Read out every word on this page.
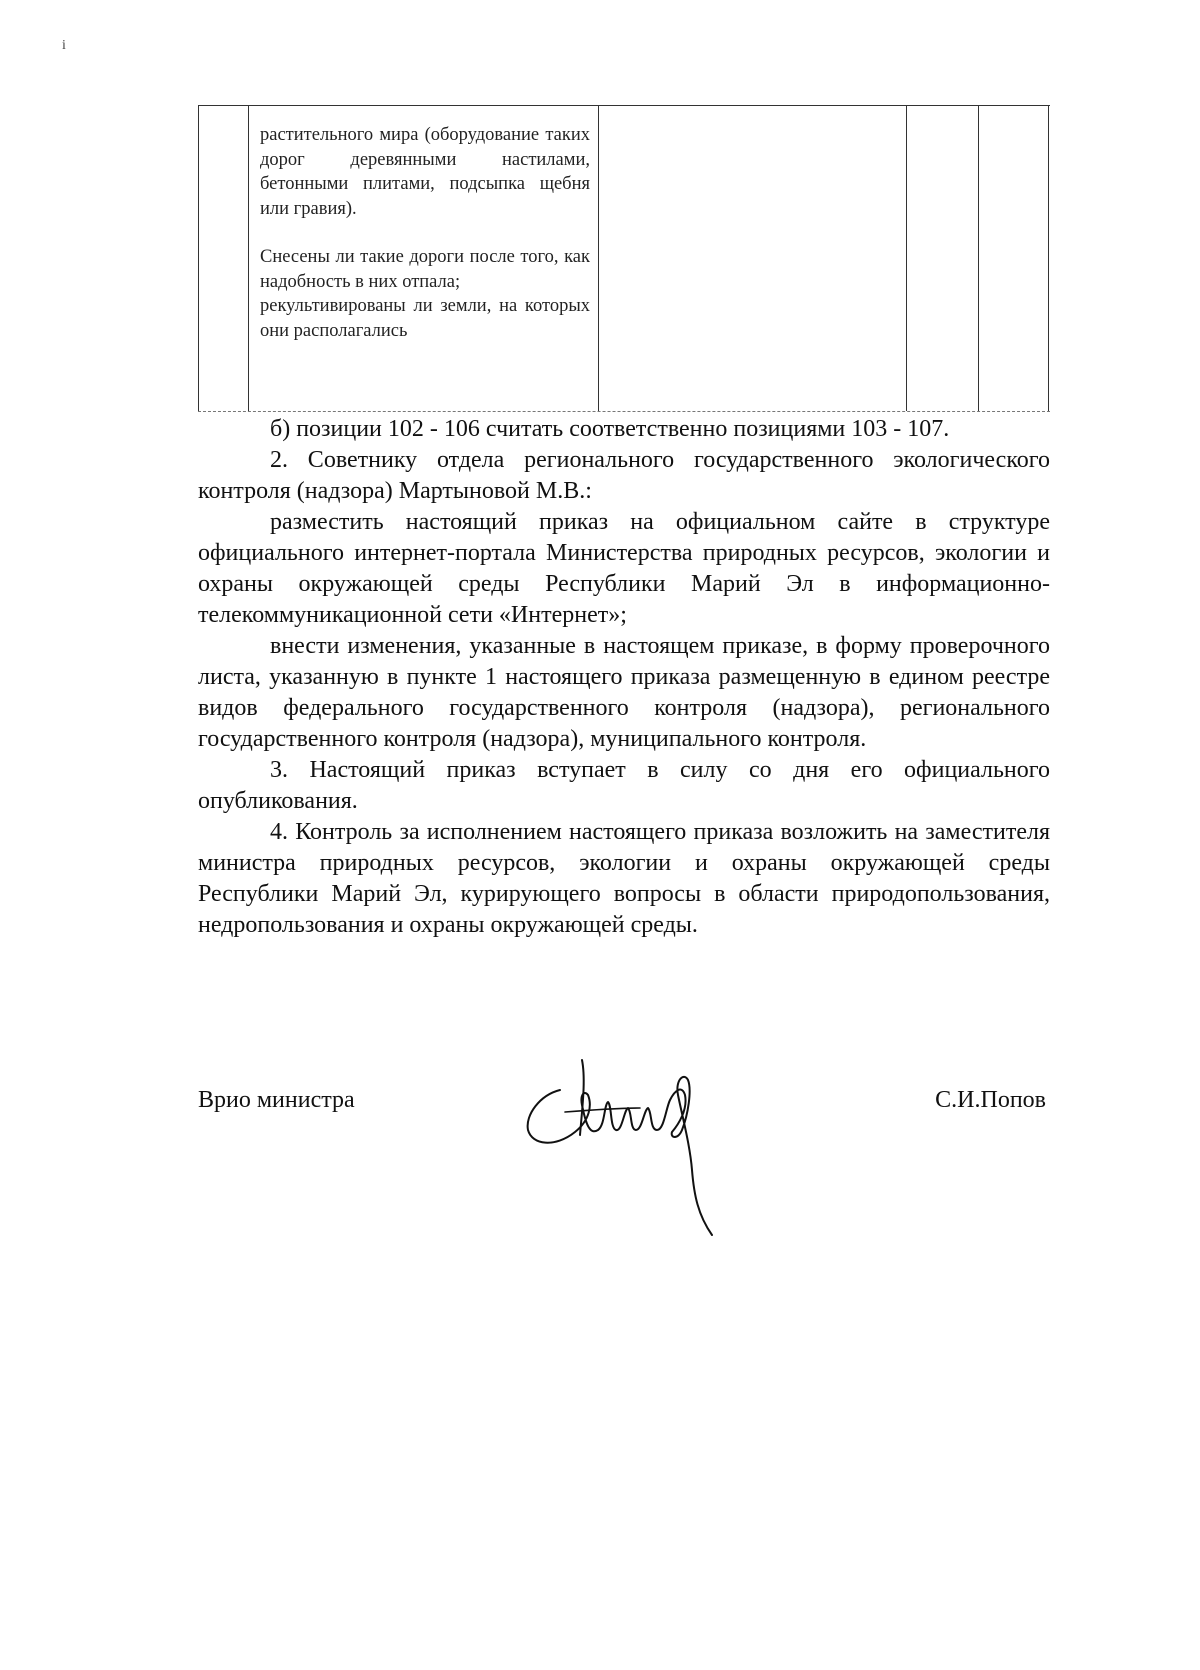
і

растительного мира (оборудование таких дорог деревянными настилами, бетонными плитами, подсыпка щебня или гравия).

Снесены ли такие дороги после того, как надобность в них отпала;

рекультивированы ли земли, на которых они располагались

б) позиции 102 - 106 считать соответственно позициями 103 - 107.

2. Советнику отдела регионального государственного экологического контроля (надзора) Мартыновой М.В.:

разместить настоящий приказ на официальном сайте в структуре официального интернет-портала Министерства природных ресурсов, экологии и охраны окружающей среды Республики Марий Эл в информационно-телекоммуникационной сети «Интернет»;

внести изменения, указанные в настоящем приказе, в форму проверочного листа, указанную в пункте 1 настоящего приказа размещенную в едином реестре видов федерального государственного контроля (надзора), регионального государственного контроля (надзора), муниципального контроля.

3. Настоящий приказ вступает в силу со дня его официального опубликования.

4. Контроль за исполнением настоящего приказа возложить на заместителя министра природных ресурсов, экологии и охраны окружающей среды Республики Марий Эл, курирующего вопросы в области природопользования, недропользования и охраны окружающей среды.

Врио министра	С.И.Попов
